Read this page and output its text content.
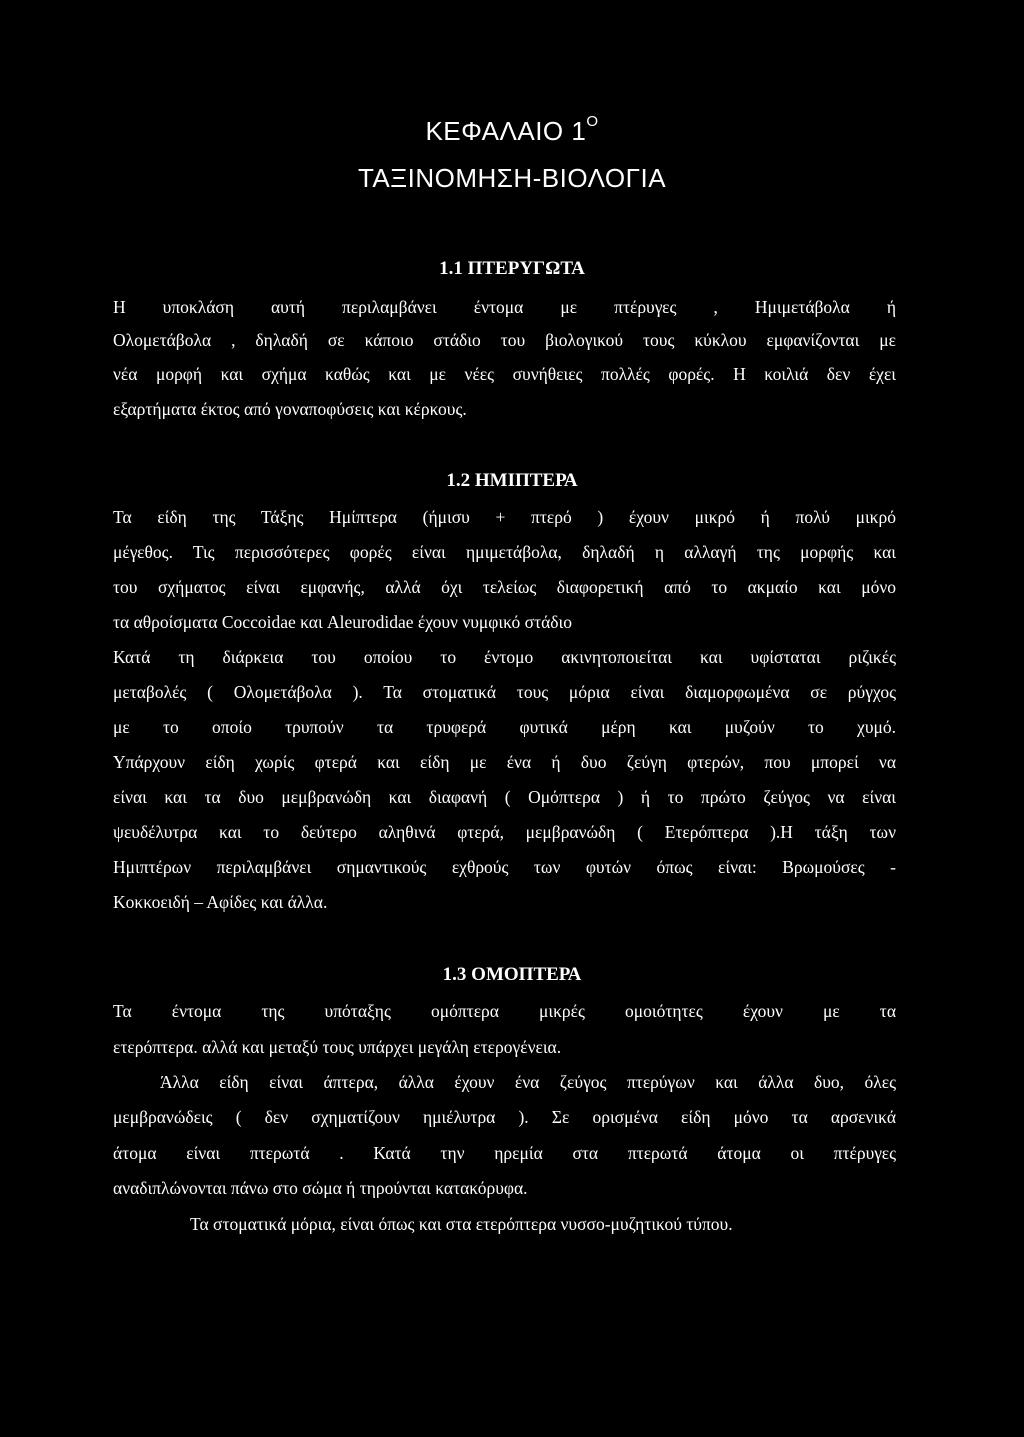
ΚΕΦΑΛΑΙΟ $1^O$
ΤΑΞΙΝΟΜΗΣΗ-ΒΙΟΛΟΓΙΑ
1.1 ΠΤΕΡΥΓΩΤΑ
Η υποκλάση αυτή περιλαμβάνει έντομα με πτέρυγες , Ημιμετάβολα ή
Ολομετάβολα , δηλαδή σε κάποιο στάδιο του βιολογικού τους κύκλου εμφανίζονται με
νέα μορφή και σχήμα καθώς και με νέες συνήθειες πολλές φορές. Η κοιλιά δεν έχει
εξαρτήματα έκτος από γοναποφύσεις και κέρκους.
1.2 ΗΜΙΠΤΕΡΑ
Τα είδη της Τάξης Ημίπτερα (ήμισυ + πτερό ) έχουν μικρό ή πολύ μικρό
μέγεθος. Τις περισσότερες φορές είναι ημιμετάβολα, δηλαδή η αλλαγή της μορφής και
του σχήματος είναι εμφανής, αλλά όχι τελείως διαφορετική από το ακμαίο και μόνο
τα αθροίσματα Coccoidae και Aleurodidae έχουν νυμφικό στάδιο
Κατά τη διάρκεια του οποίου το έντομο ακινητοποιείται και υφίσταται ριζικές
μεταβολές ( Ολομετάβολα ). Τα στοματικά τους μόρια είναι διαμορφωμένα σε ρύγχος
με το οποίο τρυπούν τα τρυφερά φυτικά μέρη και μυζούν το χυμό.
Υπάρχουν είδη χωρίς φτερά και είδη με ένα ή δυο ζεύγη φτερών, που μπορεί να
είναι και τα δυο μεμβρανώδη και διαφανή ( Ομόπτερα ) ή το πρώτο ζεύγος να είναι
ψευδέλυτρα και το δεύτερο αληθινά φτερά, μεμβρανώδη ( Ετερόπτερα ).Η τάξη των
Ημιπτέρων περιλαμβάνει σημαντικούς εχθρούς των φυτών όπως είναι: Βρωμούσες -
Κοκκοειδή – Αφίδες και άλλα.
1.3 ΟΜΟΠΤΕΡΑ
Τα έντομα της υπόταξης ομόπτερα μικρές ομοιότητες έχουν με τα
ετερόπτερα. αλλά και μεταξύ τους υπάρχει μεγάλη ετερογένεια.
Άλλα είδη είναι άπτερα, άλλα έχουν ένα ζεύγος πτερύγων και άλλα δυο, όλες
μεμβρανώδεις ( δεν σχηματίζουν ημιέλυτρα ). Σε ορισμένα είδη μόνο τα αρσενικά
άτομα είναι πτερωτά . Κατά την ηρεμία στα πτερωτά άτομα οι πτέρυγες
αναδιπλώνονται πάνω στο σώμα ή τηρούνται κατακόρυφα.
Τα στοματικά μόρια, είναι όπως και στα ετερόπτερα νυσσο-μυζητικού τύπου.
